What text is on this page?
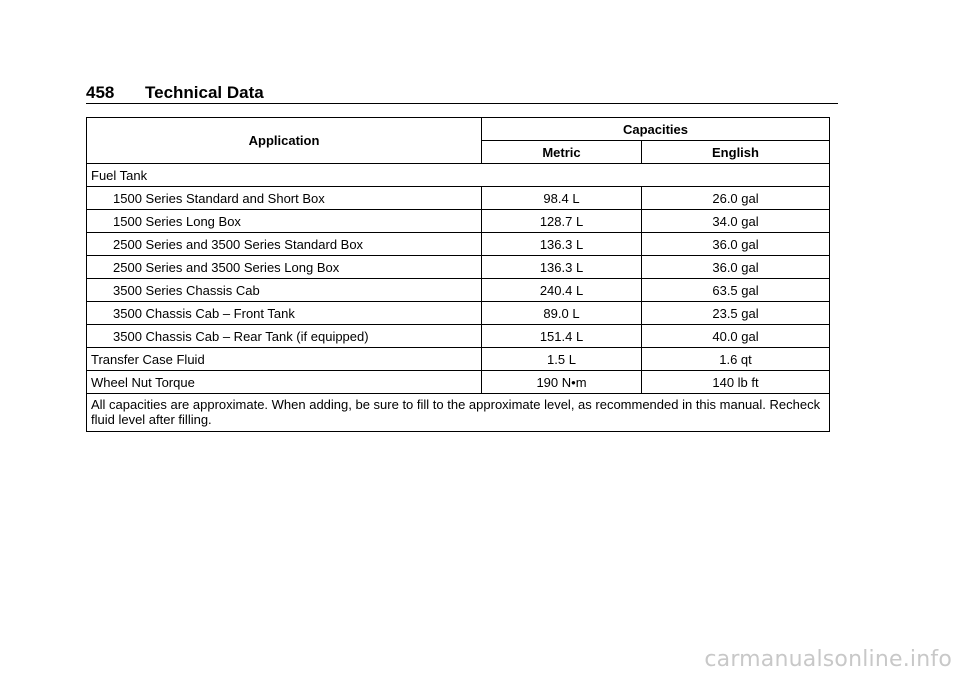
458 Technical Data
Application	Capacities	
	Metric	English
Fuel Tank		
1500 Series Standard and Short Box	98.4 L	26.0 gal
1500 Series Long Box	128.7 L	34.0 gal
2500 Series and 3500 Series Standard Box	136.3 L	36.0 gal
2500 Series and 3500 Series Long Box	136.3 L	36.0 gal
3500 Series Chassis Cab	240.4 L	63.5 gal
3500 Chassis Cab – Front Tank	89.0 L	23.5 gal
3500 Chassis Cab – Rear Tank (if equipped)	151.4 L	40.0 gal
Transfer Case Fluid	1.5 L	1.6 qt
Wheel Nut Torque	190 N•m	140 lb ft
All capacities are approximate. When adding, be sure to fill to the approximate level, as recommended in this manual. Recheck fluid level after filling.		
carmanualsonline.info
